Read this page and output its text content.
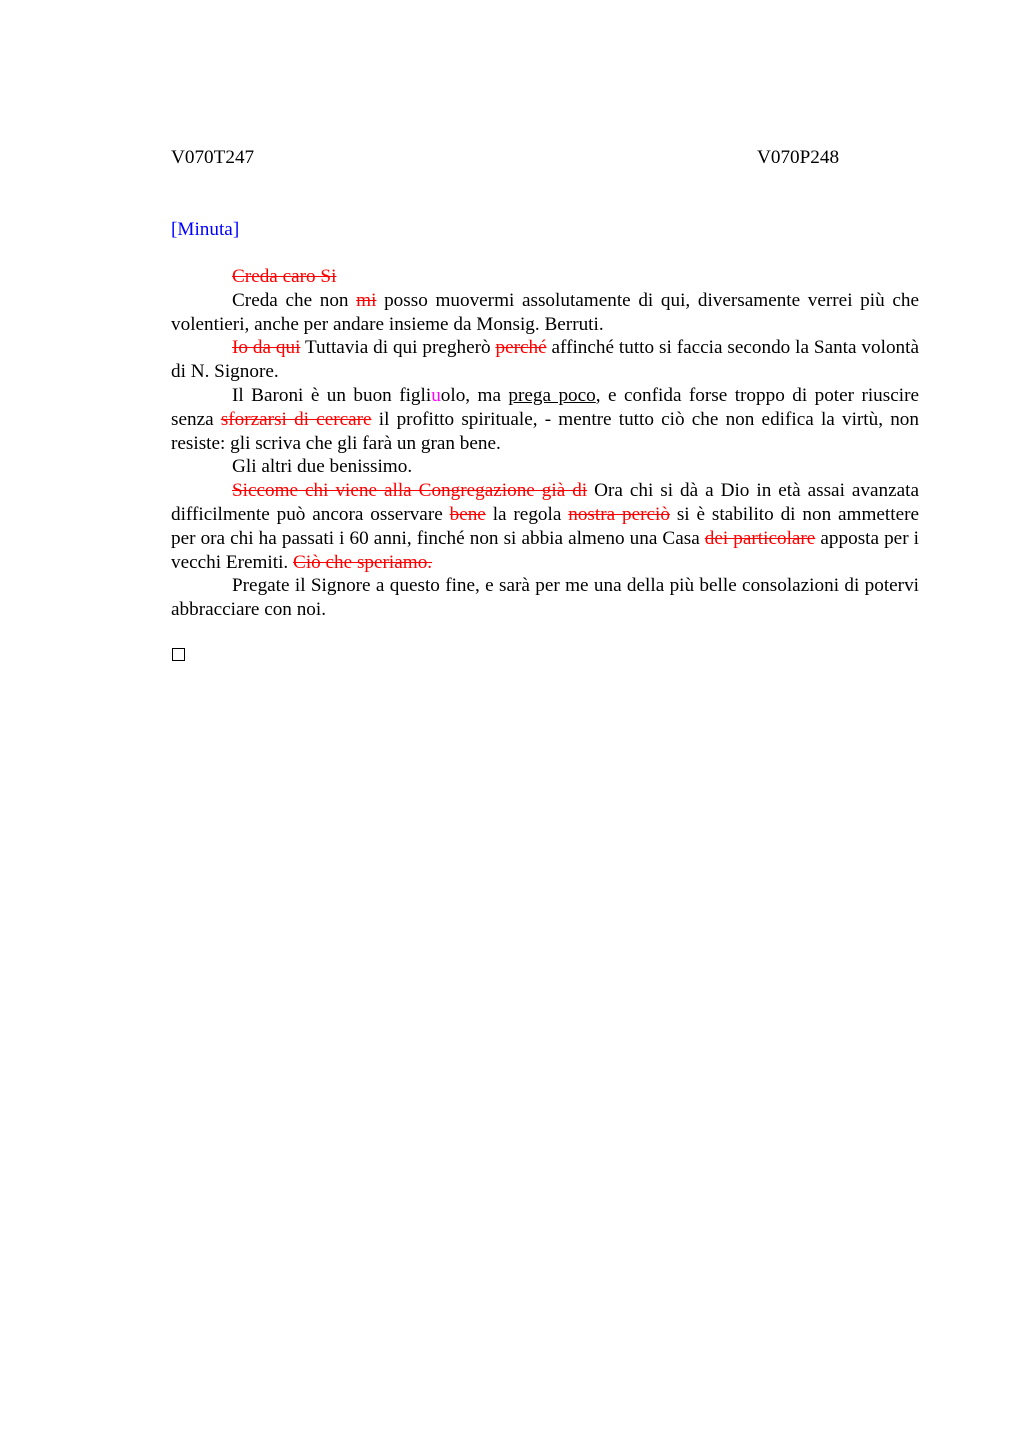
V070T247	V070P248
[Minuta]

Creda caro Si

Creda che non mi posso muovermi assolutamente di qui, diversamente verrei più che volentieri, anche per andare insieme da Monsig. Berruti.

Io da qui Tuttavia di qui pregherò perché affinché tutto si faccia secondo la Santa volontà di N. Signore.

Il Baroni è un buon figliuolo, ma prega poco, e confida forse troppo di poter riuscire senza sforzarsi di cercare il profitto spirituale, - mentre tutto ciò che non edifica la virtù, non resiste: gli scriva che gli farà un gran bene.

Gli altri due benissimo.

Siccome chi viene alla Congregazione già di Ora chi si dà a Dio in età assai avanzata difficilmente può ancora osservare bene la regola nostra perciò si è stabilito di non ammettere per ora chi ha passati i 60 anni, finché non si abbia almeno una Casa dei particolare apposta per i vecchi Eremiti. Ciò che speriamo.

Pregate il Signore a questo fine, e sarà per me una della più belle consolazioni di potervi abbracciare con noi.
